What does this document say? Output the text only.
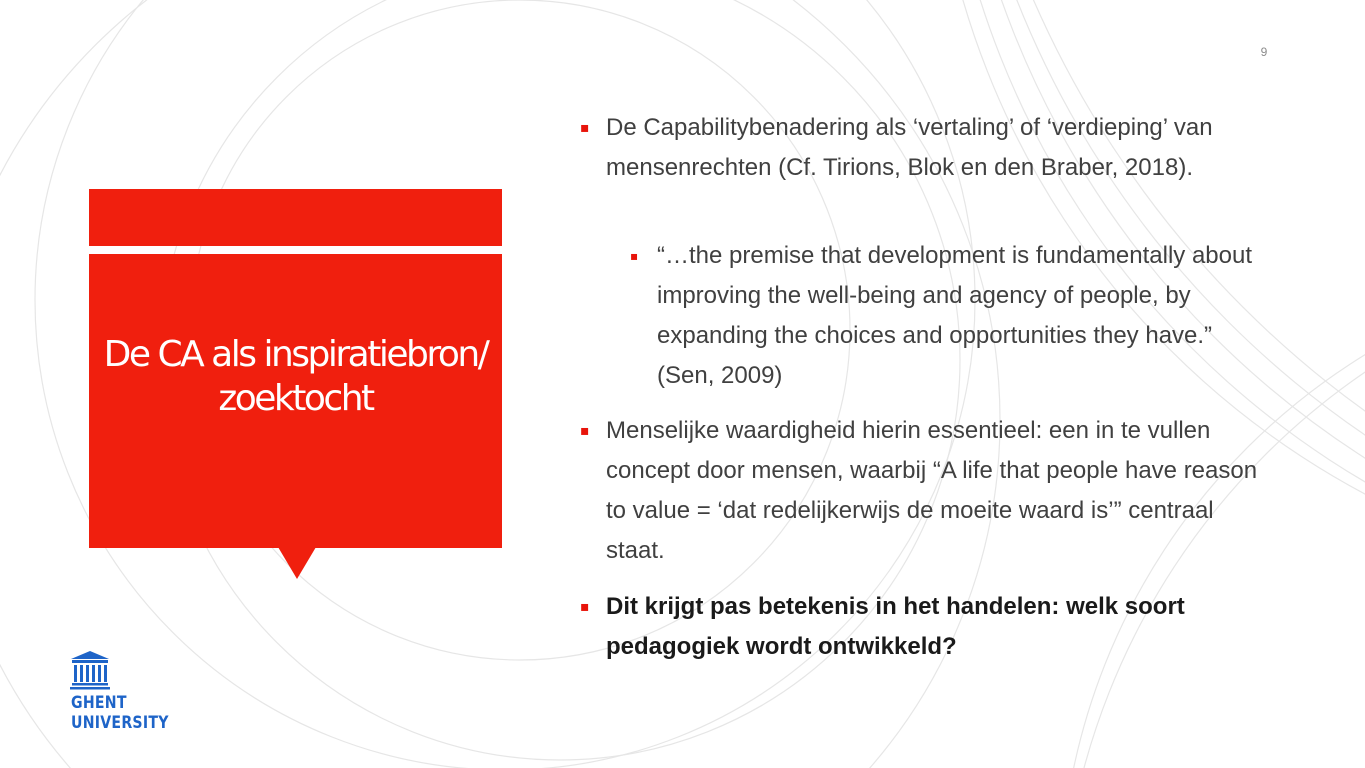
9
De CA als inspiratiebron/ zoektocht
▪ De Capabilitybenadering als ‘vertaling’ of ‘verdieping’ van mensenrechten (Cf. Tirions, Blok en den Braber, 2018).
▪ “…the premise that development is fundamentally about improving the well-being and agency of people, by expanding the choices and opportunities they have.” (Sen, 2009)
▪ Menselijke waardigheid hierin essentieel: een in te vullen concept door mensen, waarbij “A life that people have reason to value = ‘dat redelijkerwijs de moeite waard is’” centraal staat.
▪ Dit krijgt pas betekenis in het handelen: welk soort pedagogiek wordt ontwikkeld?
GHENT
UNIVERSITY
